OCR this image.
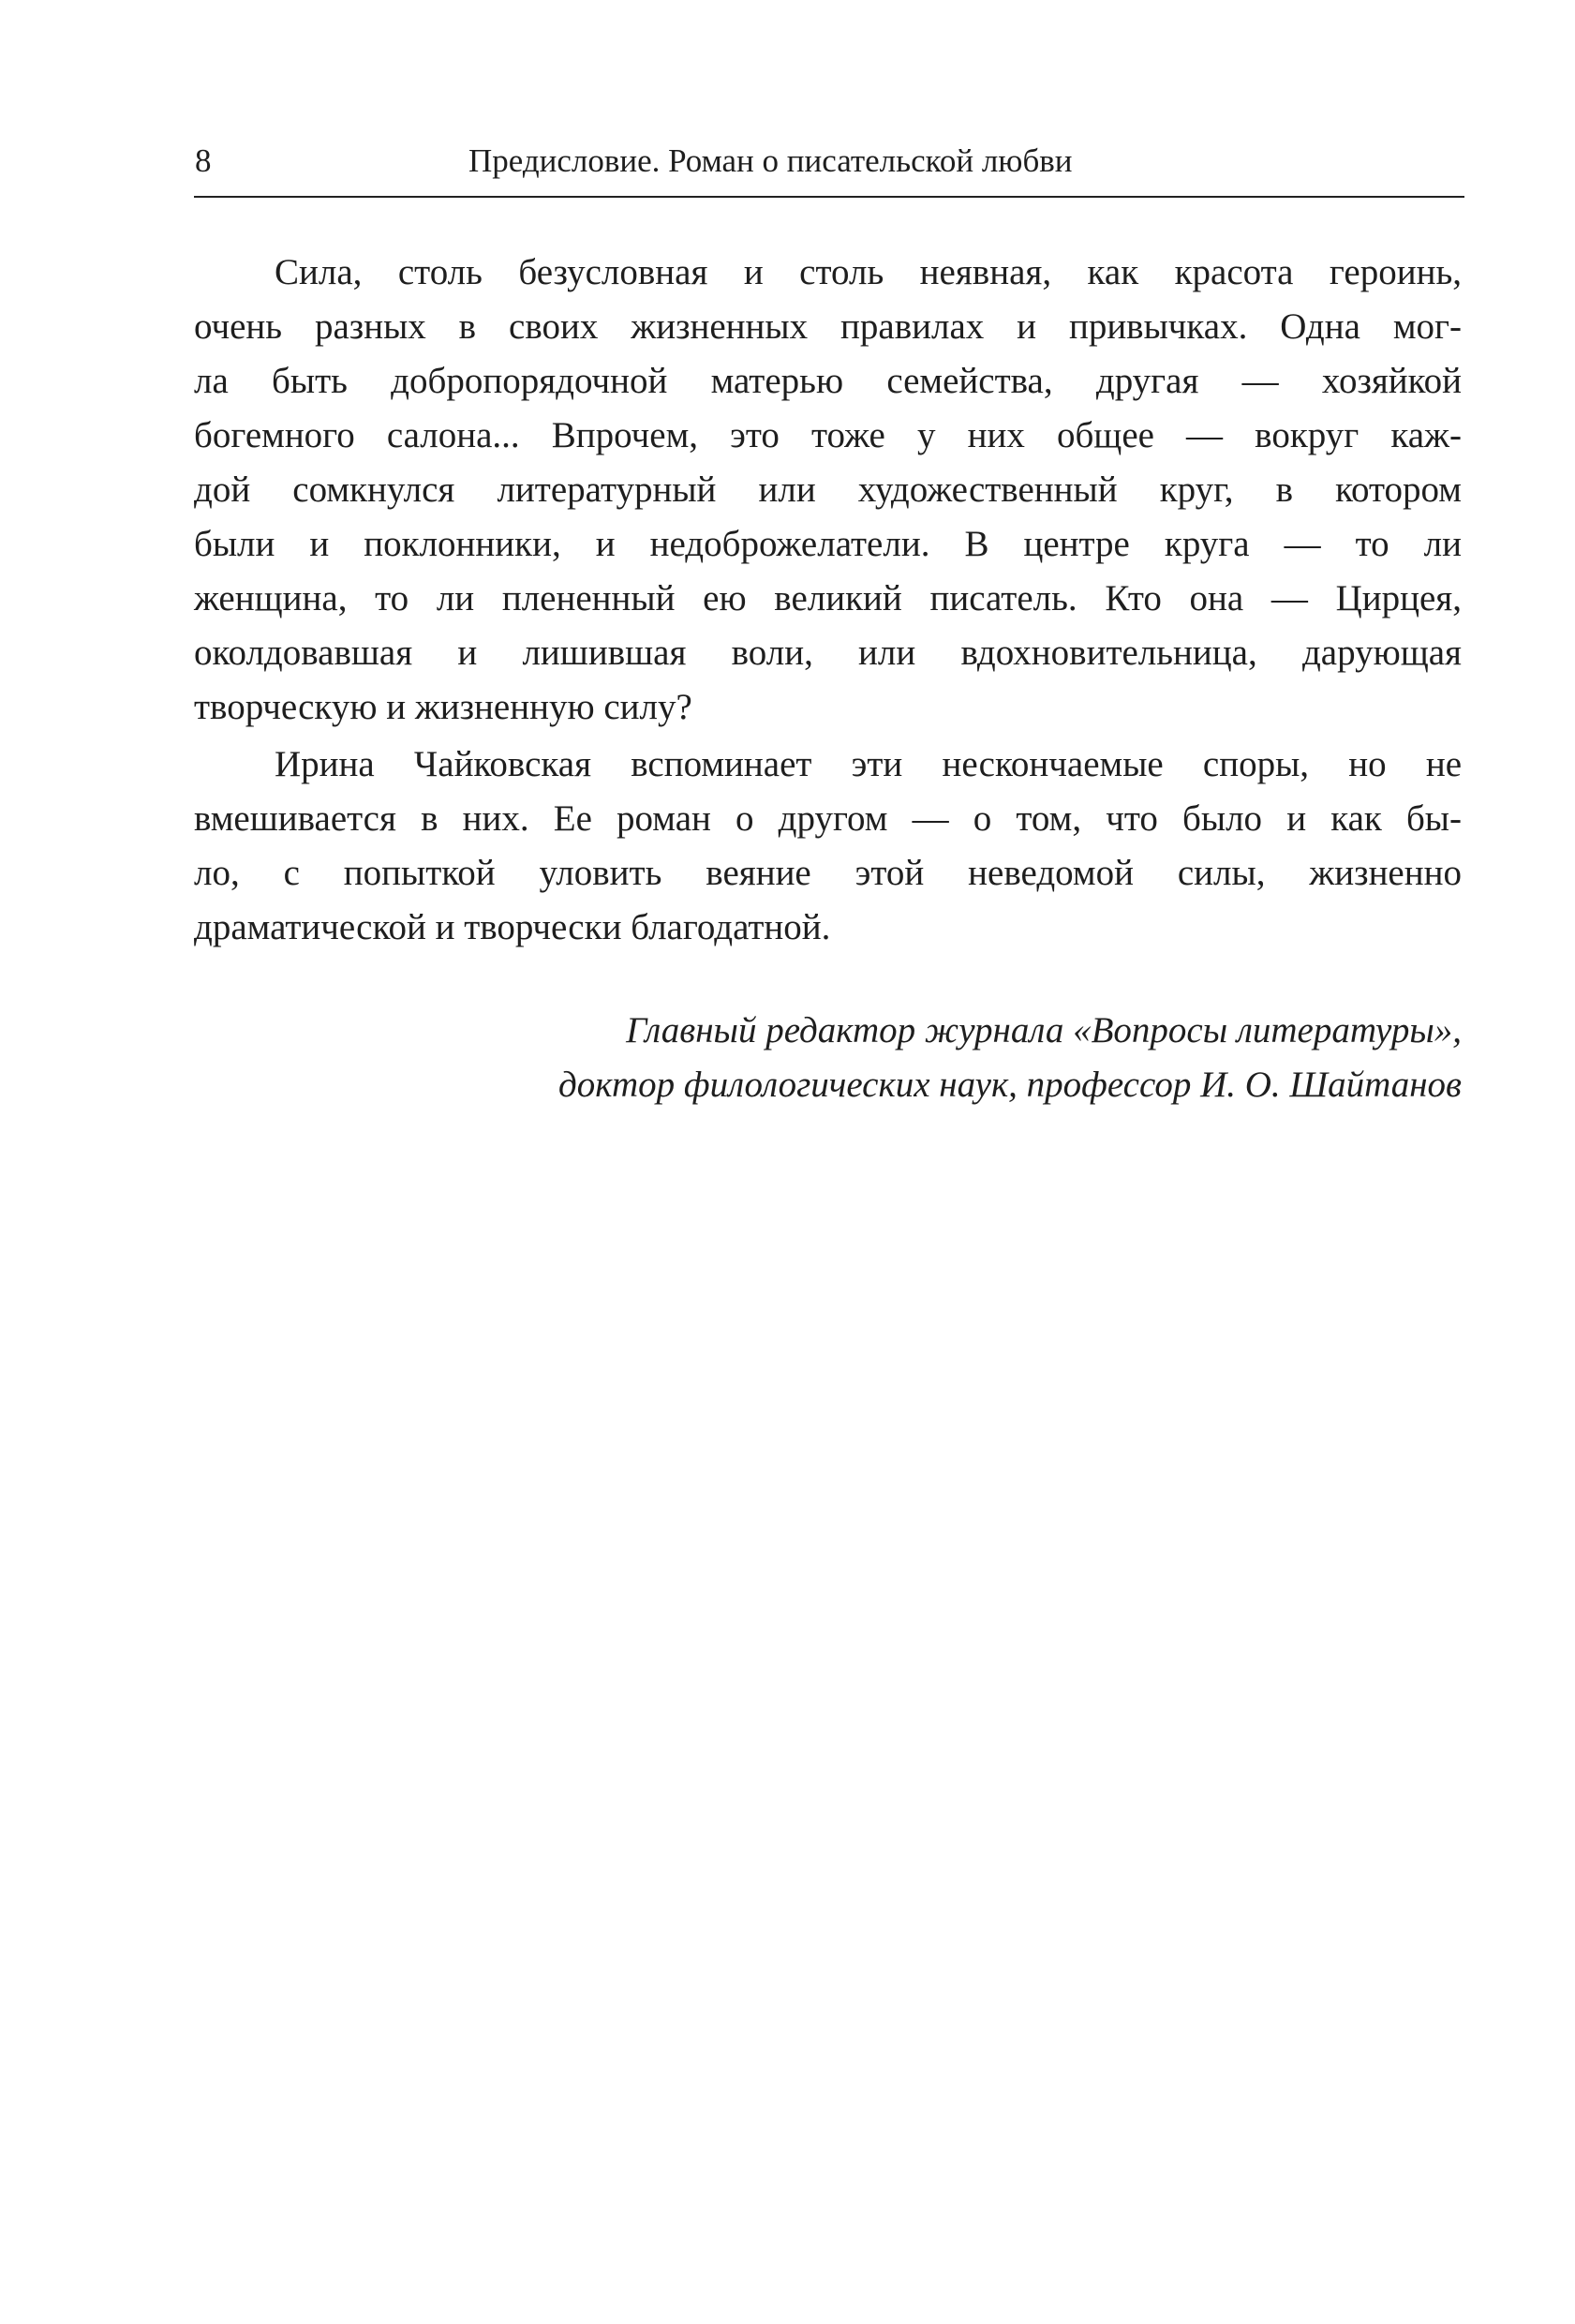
8	Предисловие. Роман о писательской любви
Сила, столь безусловная и столь неявная, как красота героинь,
очень разных в своих жизненных правилах и привычках. Одна мог-
ла быть добропорядочной матерью семейства, другая — хозяйкой
богемного салона... Впрочем, это тоже у них общее — вокруг каж-
дой сомкнулся литературный или художественный круг, в котором
были и поклонники, и недоброжелатели. В центре круга — то ли
женщина, то ли плененный ею великий писатель. Кто она — Цирцея,
околдовавшая и лишившая воли, или вдохновительница, дарующая
творческую и жизненную силу?
Ирина Чайковская вспоминает эти нескончаемые споры, но не
вмешивается в них. Ее роман о другом — о том, что было и как бы-
ло, с попыткой уловить веяние этой неведомой силы, жизненно
драматической и творчески благодатной.
Главный редактор журнала «Вопросы литературы»,
доктор филологических наук, профессор И. О. Шайтанов
